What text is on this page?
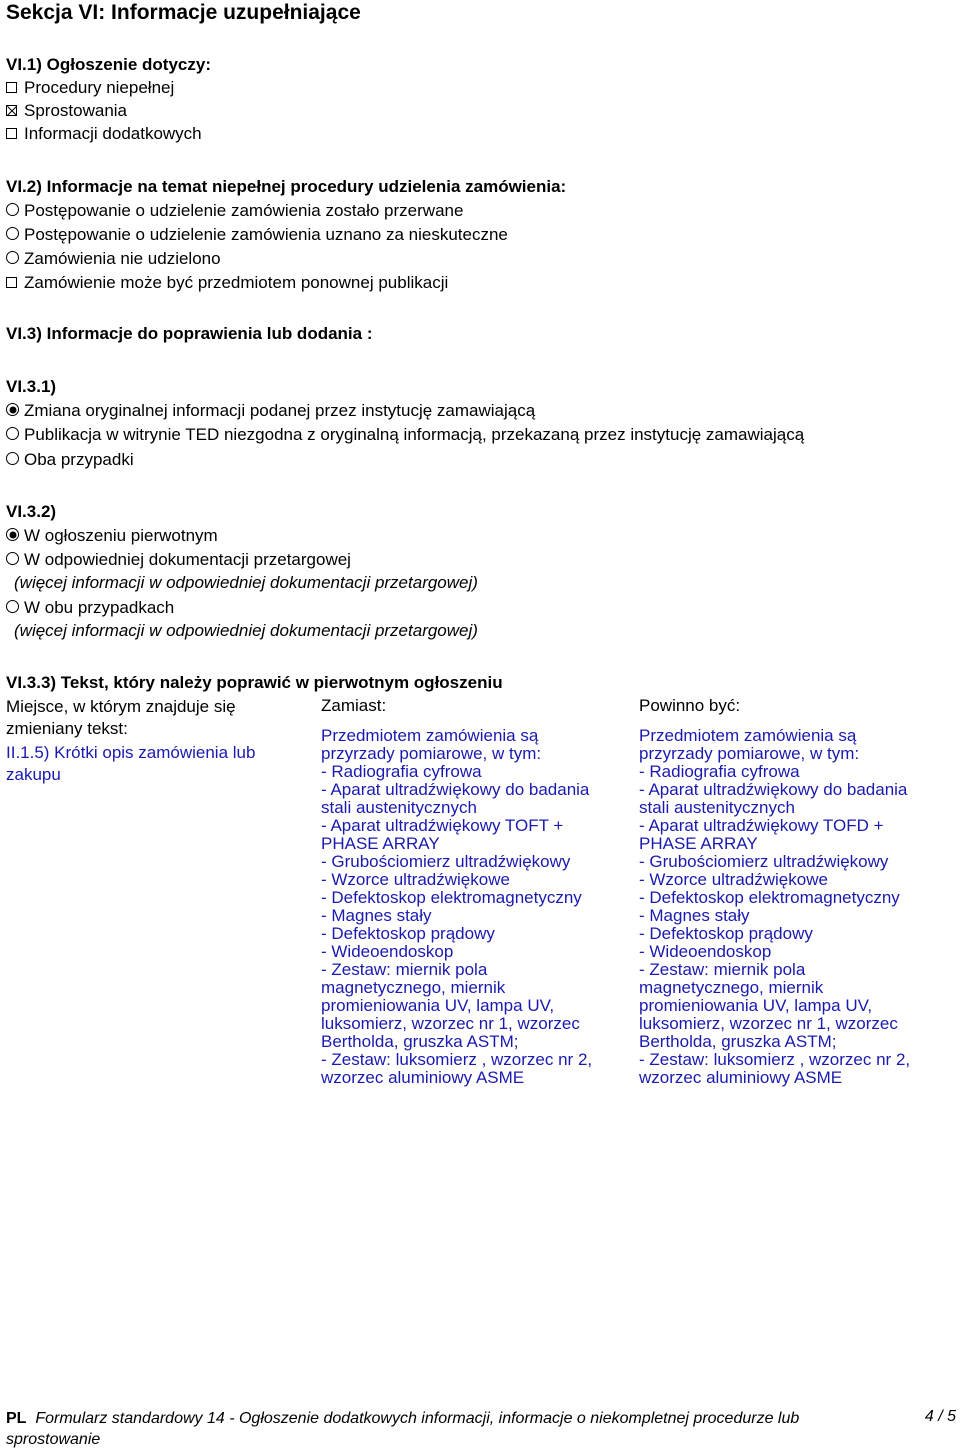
Sekcja VI: Informacje uzupełniające
VI.1) Ogłoszenie dotyczy:
Procedury niepełnej
Sprostowania
Informacji dodatkowych
VI.2) Informacje na temat niepełnej procedury udzielenia zamówienia:
Postępowanie o udzielenie zamówienia zostało przerwane
Postępowanie o udzielenie zamówienia uznano za nieskuteczne
Zamówienia nie udzielono
Zamówienie może być przedmiotem ponownej publikacji
VI.3) Informacje do poprawienia lub dodania :
VI.3.1)
Zmiana oryginalnej informacji podanej przez instytucję zamawiającą
Publikacja w witrynie TED niezgodna z oryginalną informacją, przekazaną przez instytucję zamawiającą
Oba przypadki
VI.3.2)
W ogłoszeniu pierwotnym
W odpowiedniej dokumentacji przetargowej
(więcej informacji w odpowiedniej dokumentacji przetargowej)
W obu przypadkach
(więcej informacji w odpowiedniej dokumentacji przetargowej)
VI.3.3) Tekst, który należy poprawić w pierwotnym ogłoszeniu
Miejsce, w którym znajduje się zmieniany tekst:
II.1.5) Krótki opis zamówienia lub zakupu
Zamiast:
Przedmiotem zamówienia są
przyrzady pomiarowe, w tym:
- Radiografia cyfrowa
- Aparat ultradźwiękowy do badania
stali austenitycznych
- Aparat ultradźwiękowy TOFT +
PHASE ARRAY
- Grubościomierz ultradźwiękowy
- Wzorce ultradźwiękowe
- Defektoskop elektromagnetyczny
- Magnes stały
- Defektoskop prądowy
- Wideoendoskop
- Zestaw: miernik pola
magnetycznego, miernik
promieniowania UV, lampa UV,
luksomierz, wzorzec nr 1, wzorzec
Bertholda, gruszka ASTM;
- Zestaw: luksomierz , wzorzec nr 2,
wzorzec aluminiowy ASME
Powinno być:
Przedmiotem zamówienia są
przyrzady pomiarowe, w tym:
- Radiografia cyfrowa
- Aparat ultradźwiękowy do badania
stali austenitycznych
- Aparat ultradźwiękowy TOFD +
PHASE ARRAY
- Grubościomierz ultradźwiękowy
- Wzorce ultradźwiękowe
- Defektoskop elektromagnetyczny
- Magnes stały
- Defektoskop prądowy
- Wideoendoskop
- Zestaw: miernik pola
magnetycznego, miernik
promieniowania UV, lampa UV,
luksomierz, wzorzec nr 1, wzorzec
Bertholda, gruszka ASTM;
- Zestaw: luksomierz , wzorzec nr 2,
wzorzec aluminiowy ASME
PL Formularz standardowy 14 - Ogłoszenie dodatkowych informacji, informacje o niekompletnej procedurze lub sprostowanie
4 / 5
